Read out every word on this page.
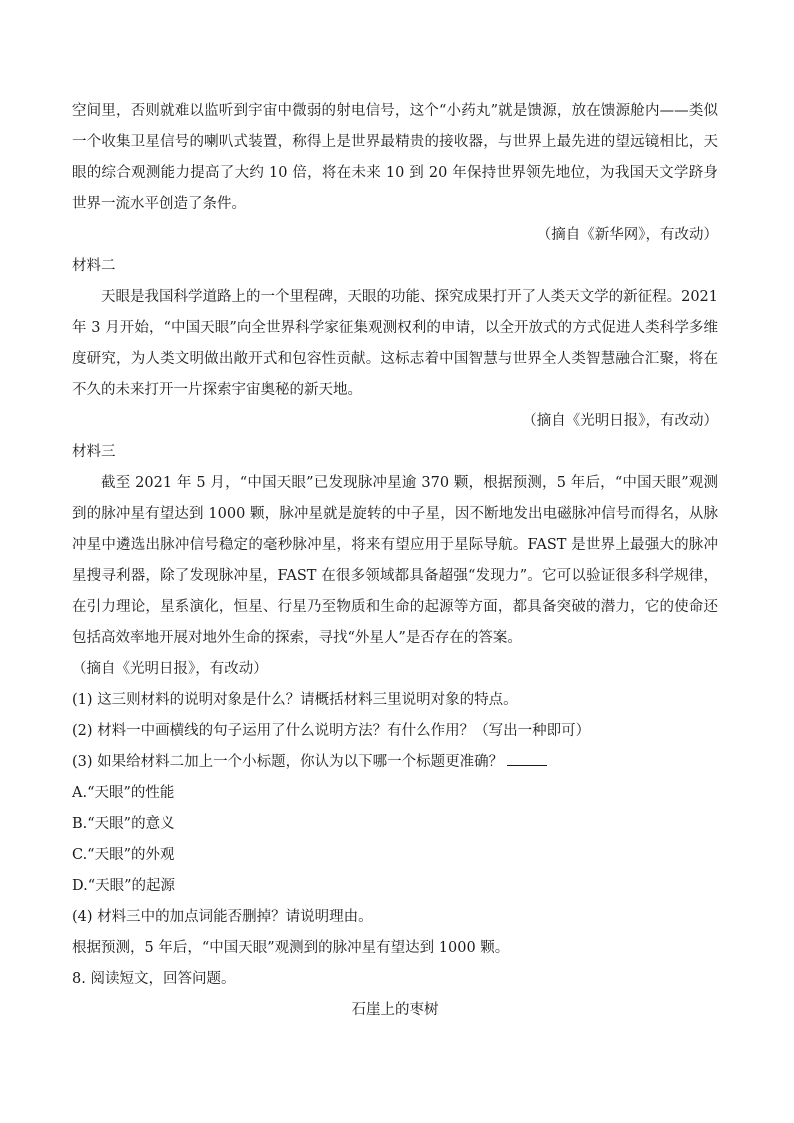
空间里，否则就难以监听到宇宙中微弱的射电信号，这个“小药丸”就是馈源，放在馈源舱内——类似一个收集卫星信号的喇叭式装置，称得上是世界最精贵的接收器，与世界上最先进的望远镜相比，天眼的综合观测能力提高了大约 10 倍，将在未来 10 到 20 年保持世界领先地位，为我国天文学跻身世界一流水平创造了条件。

（摘自《新华网》，有改动）

材料二

天眼是我国科学道路上的一个里程碑，天眼的功能、探究成果打开了人类天文学的新征程。2021 年 3 月开始，“中国天眼”向全世界科学家征集观测权利的申请，以全开放式的方式促进人类科学多维度研究，为人类文明做出敞开式和包容性贡献。这标志着中国智慧与世界全人类智慧融合汇聚，将在不久的未来打开一片探索宇宙奥秘的新天地。

（摘自《光明日报》，有改动）

材料三

截至 2021 年 5 月，“中国天眼”已发现脉冲星逾 370 颗，根据预测，5 年后，“中国天眼”观测到的脉冲星有望达到 1000 颗，脉冲星就是旋转的中子星，因不断地发出电磁脉冲信号而得名，从脉冲星中遴选出脉冲信号稳定的毫秒脉冲星，将来有望应用于星际导航。FAST 是世界上最强大的脉冲星搜寻利器，除了发现脉冲星，FAST 在很多领域都具备超强“发现力”。它可以验证很多科学规律，在引力理论，星系演化，恒星、行星乃至物质和生命的起源等方面，都具备突破的潜力，它的使命还包括高效率地开展对地外生命的探索，寻找“外星人”是否存在的答案。

（摘自《光明日报》，有改动）

(1) 这三则材料的说明对象是什么？请概括材料三里说明对象的特点。

(2) 材料一中画横线的句子运用了什么说明方法？有什么作用？（写出一种即可）

(3) 如果给材料二加上一个小标题，你认为以下哪一个标题更准确？

A.“天眼”的性能

B.“天眼”的意义

C.“天眼”的外观

D.“天眼”的起源

(4) 材料三中的加点词能否删掉？请说明理由。

根据预测，5 年后，“中国天眼”观测到的脉冲星有望达到 1000 颗。

8. 阅读短文，回答问题。

石崖上的枣树
